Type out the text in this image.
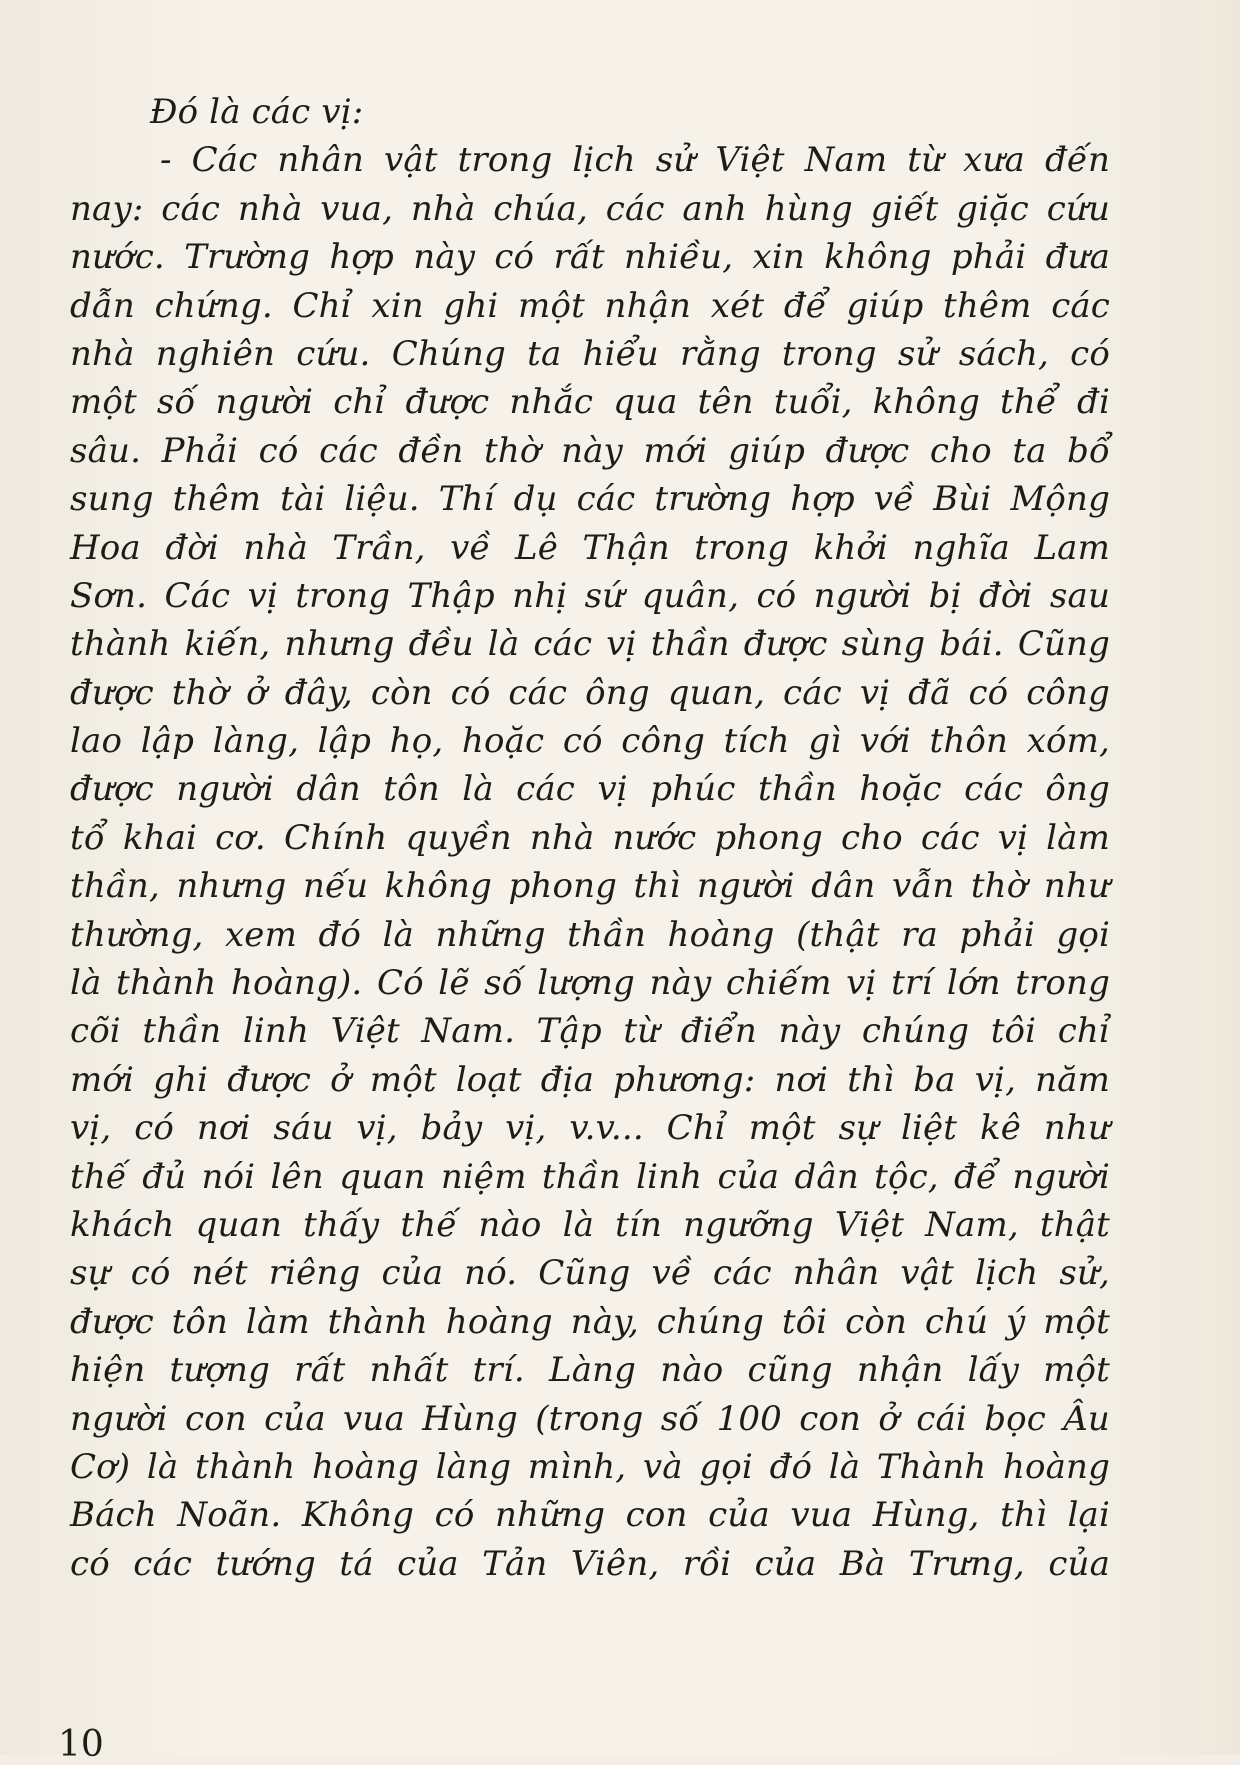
Đó là các vị:
- Các nhân vật trong lịch sử Việt Nam từ xưa đến
nay: các nhà vua, nhà chúa, các anh hùng giết giặc cứu
nước. Trường hợp này có rất nhiều, xin không phải đưa
dẫn chứng. Chỉ xin ghi một nhận xét để giúp thêm các
nhà nghiên cứu. Chúng ta hiểu rằng trong sử sách, có
một số người chỉ được nhắc qua tên tuổi, không thể đi
sâu. Phải có các đền thờ này mới giúp được cho ta bổ
sung thêm tài liệu. Thí dụ các trường hợp về Bùi Mộng
Hoa đời nhà Trần, về Lê Thận trong khởi nghĩa Lam
Sơn. Các vị trong Thập nhị sứ quân, có người bị đời sau
thành kiến, nhưng đều là các vị thần được sùng bái. Cũng
được thờ ở đây, còn có các ông quan, các vị đã có công
lao lập làng, lập họ, hoặc có công tích gì với thôn xóm,
được người dân tôn là các vị phúc thần hoặc các ông
tổ khai cơ. Chính quyền nhà nước phong cho các vị làm
thần, nhưng nếu không phong thì người dân vẫn thờ như
thường, xem đó là những thần hoàng (thật ra phải gọi
là thành hoàng). Có lẽ số lượng này chiếm vị trí lớn trong
cõi thần linh Việt Nam. Tập từ điển này chúng tôi chỉ
mới ghi được ở một loạt địa phương: nơi thì ba vị, năm
vị, có nơi sáu vị, bảy vị, v.v... Chỉ một sự liệt kê như
thế đủ nói lên quan niệm thần linh của dân tộc, để người
khách quan thấy thế nào là tín ngưỡng Việt Nam, thật
sự có nét riêng của nó. Cũng về các nhân vật lịch sử,
được tôn làm thành hoàng này, chúng tôi còn chú ý một
hiện tượng rất nhất trí. Làng nào cũng nhận lấy một
người con của vua Hùng (trong số 100 con ở cái bọc Âu
Cơ) là thành hoàng làng mình, và gọi đó là Thành hoàng
Bách Noãn. Không có những con của vua Hùng, thì lại
có các tướng tá của Tản Viên, rồi của Bà Trưng, của
10
